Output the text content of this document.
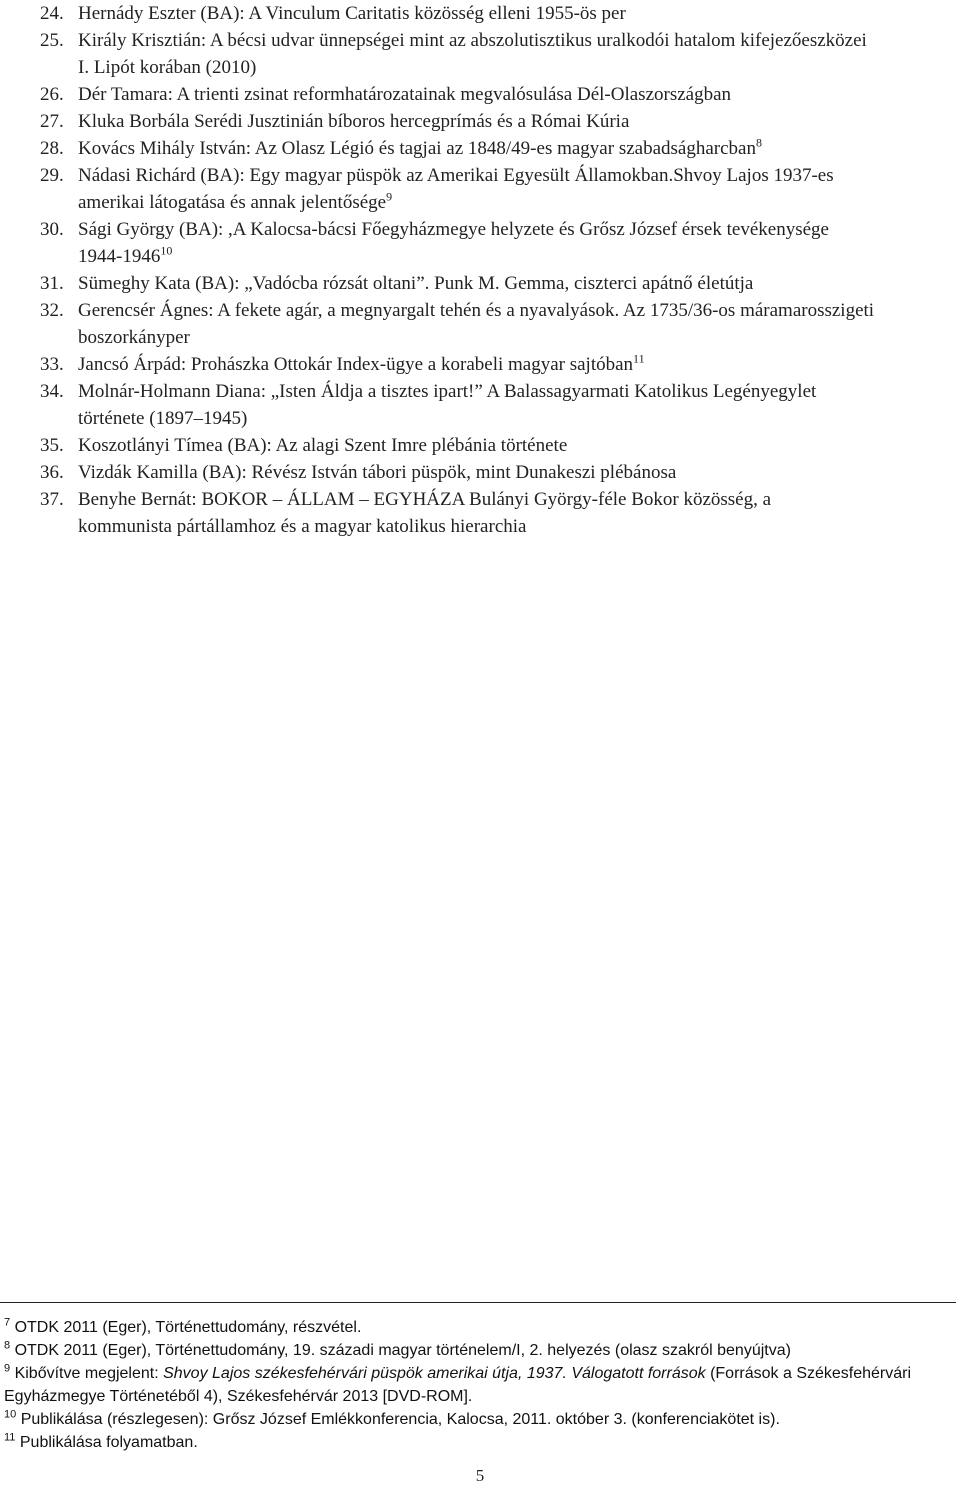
24. Hernády Eszter (BA): A Vinculum Caritatis közösség elleni 1955-ös per
25. Király Krisztián: A bécsi udvar ünnepségei mint az abszolutisztikus uralkodói hatalom kifejezőeszközei
I. Lipót korában (2010)
26. Dér Tamara: A trienti zsinat reformhatározatainak megvalósulása Dél-Olaszországban
27. Kluka Borbála Serédi Jusztinián bíboros hercegprímás és a Római Kúria
28. Kovács Mihály István: Az Olasz Légió és tagjai az 1848/49-es magyar szabadságharcban$^8$
29. Nádasi Richárd (BA): Egy magyar püspök az Amerikai Egyesült Államokban.Shvoy Lajos 1937-es
amerikai látogatása és annak jelentősége$^9$
30. Sági György (BA): ,A Kalocsa-bácsi Főegyházmegye helyzete és Grősz József érsek tevékenysége
1944-1946$^{10}$
31. Sümeghy Kata (BA): „Vadócba rózsát oltani”. Punk M. Gemma, ciszterci apátnő életútja
32. Gerencsér Ágnes: A fekete agár, a megnyargalt tehén és a nyavalyások. Az 1735/36-os máramarosszigeti
boszorkányper
33. Jancsó Árpád: Prohászka Ottokár Index-ügye a korabeli magyar sajtóban$^{11}$
34. Molnár-Holmann Diana: „Isten Áldja a tisztes ipart!” A Balassagyarmati Katolikus Legényegylet
története (1897–1945)
35. Koszotlányi Tímea (BA): Az alagi Szent Imre plébánia története
36. Vizdák Kamilla (BA): Révész István tábori püspök, mint Dunakeszi plébánosa
37. Benyhe Bernát: BOKOR – ÁLLAM – EGYHÁZA Bulányi György-féle Bokor közösség, a
kommunista pártállamhoz és a magyar katolikus hierarchia

$^7$ OTDK 2011 (Eger), Történettudomány, részvétel.

$^8$ OTDK 2011 (Eger), Történettudomány, 19. századi magyar történelem/I, 2. helyezés (olasz szakról benyújtva)

$^9$ Kibővítve megjelent: Shvoy Lajos székesfehérvári püspök amerikai útja, 1937. Válogatott források (Források a Székesfehérvári Egyházmegye Történetéből 4), Székesfehérvár 2013 [DVD-ROM].

$^{10}$ Publikálása (részlegesen): Grősz József Emlékkonferencia, Kalocsa, 2011. október 3. (konferenciakötet is).

$^{11}$ Publikálása folyamatban.

5
